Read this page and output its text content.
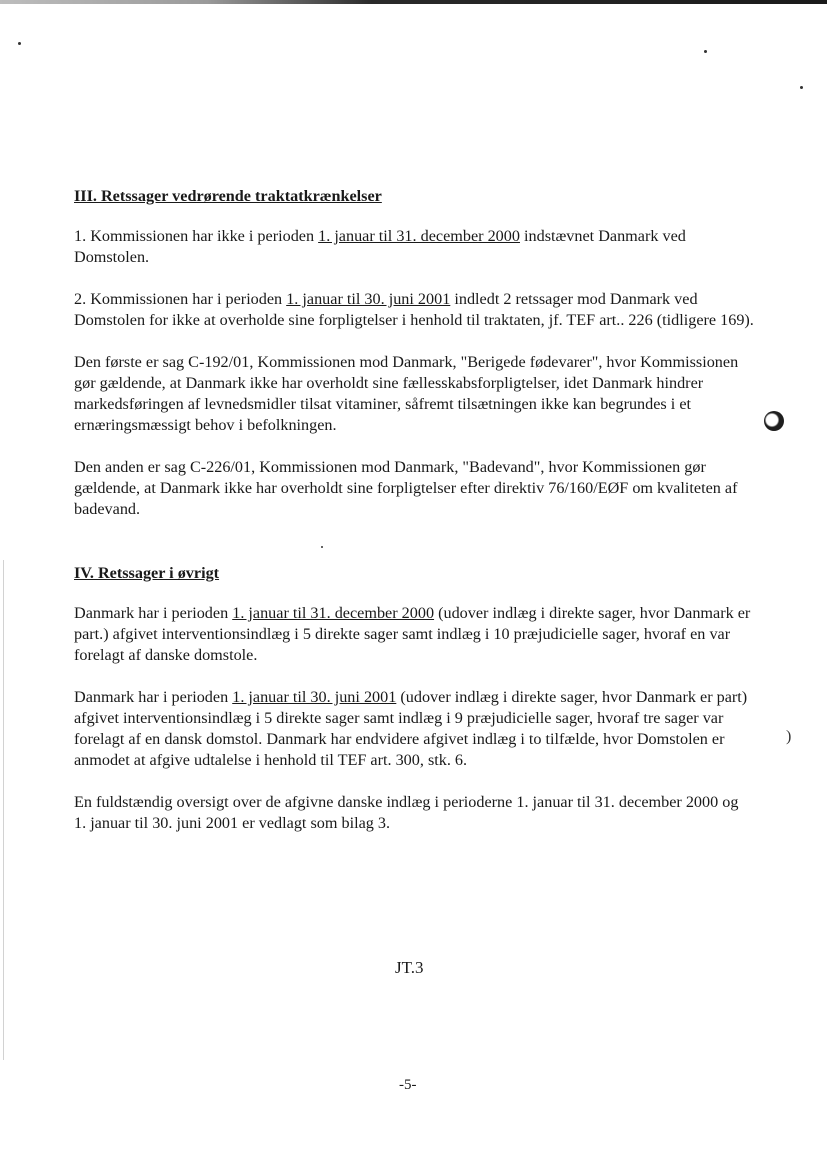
III. Retssager vedrørende traktatkrænkelser

1. Kommissionen har ikke i perioden 1. januar til 31. december 2000 indstævnet Danmark ved Domstolen.

2. Kommissionen har i perioden 1. januar til 30. juni 2001 indledt 2 retssager mod Danmark ved Domstolen for ikke at overholde sine forpligtelser i henhold til traktaten, jf. TEF art.. 226 (tidligere 169).

Den første er sag C-192/01, Kommissionen mod Danmark, "Berigede fødevarer", hvor Kommissionen gør gældende, at Danmark ikke har overholdt sine fællesskabsforpligtelser, idet Danmark hindrer markedsføringen af levnedsmidler tilsat vitaminer, såfremt tilsætningen ikke kan begrundes i et ernæringsmæssigt behov i befolkningen.

Den anden er sag C-226/01, Kommissionen mod Danmark, "Badevand", hvor Kommissionen gør gældende, at Danmark ikke har overholdt sine forpligtelser efter direktiv 76/160/EØF om kvaliteten af badevand.

IV. Retssager i øvrigt

Danmark har i perioden 1. januar til 31. december 2000 (udover indlæg i direkte sager, hvor Danmark er part.) afgivet interventionsindlæg i 5 direkte sager samt indlæg i 10 præjudicielle sager, hvoraf en var forelagt af danske domstole.

Danmark har i perioden 1. januar til 30. juni 2001 (udover indlæg i direkte sager, hvor Danmark er part) afgivet interventionsindlæg i 5 direkte sager samt indlæg i 9 præjudicielle sager, hvoraf tre sager var forelagt af en dansk domstol. Danmark har endvidere afgivet indlæg i to tilfælde, hvor Domstolen er anmodet at afgive udtalelse i henhold til TEF art. 300, stk. 6.

En fuldstændig oversigt over de afgivne danske indlæg i perioderne 1. januar til 31. december 2000 og 1. januar til 30. juni 2001 er vedlagt som bilag 3.

)
JT.3
-5-
